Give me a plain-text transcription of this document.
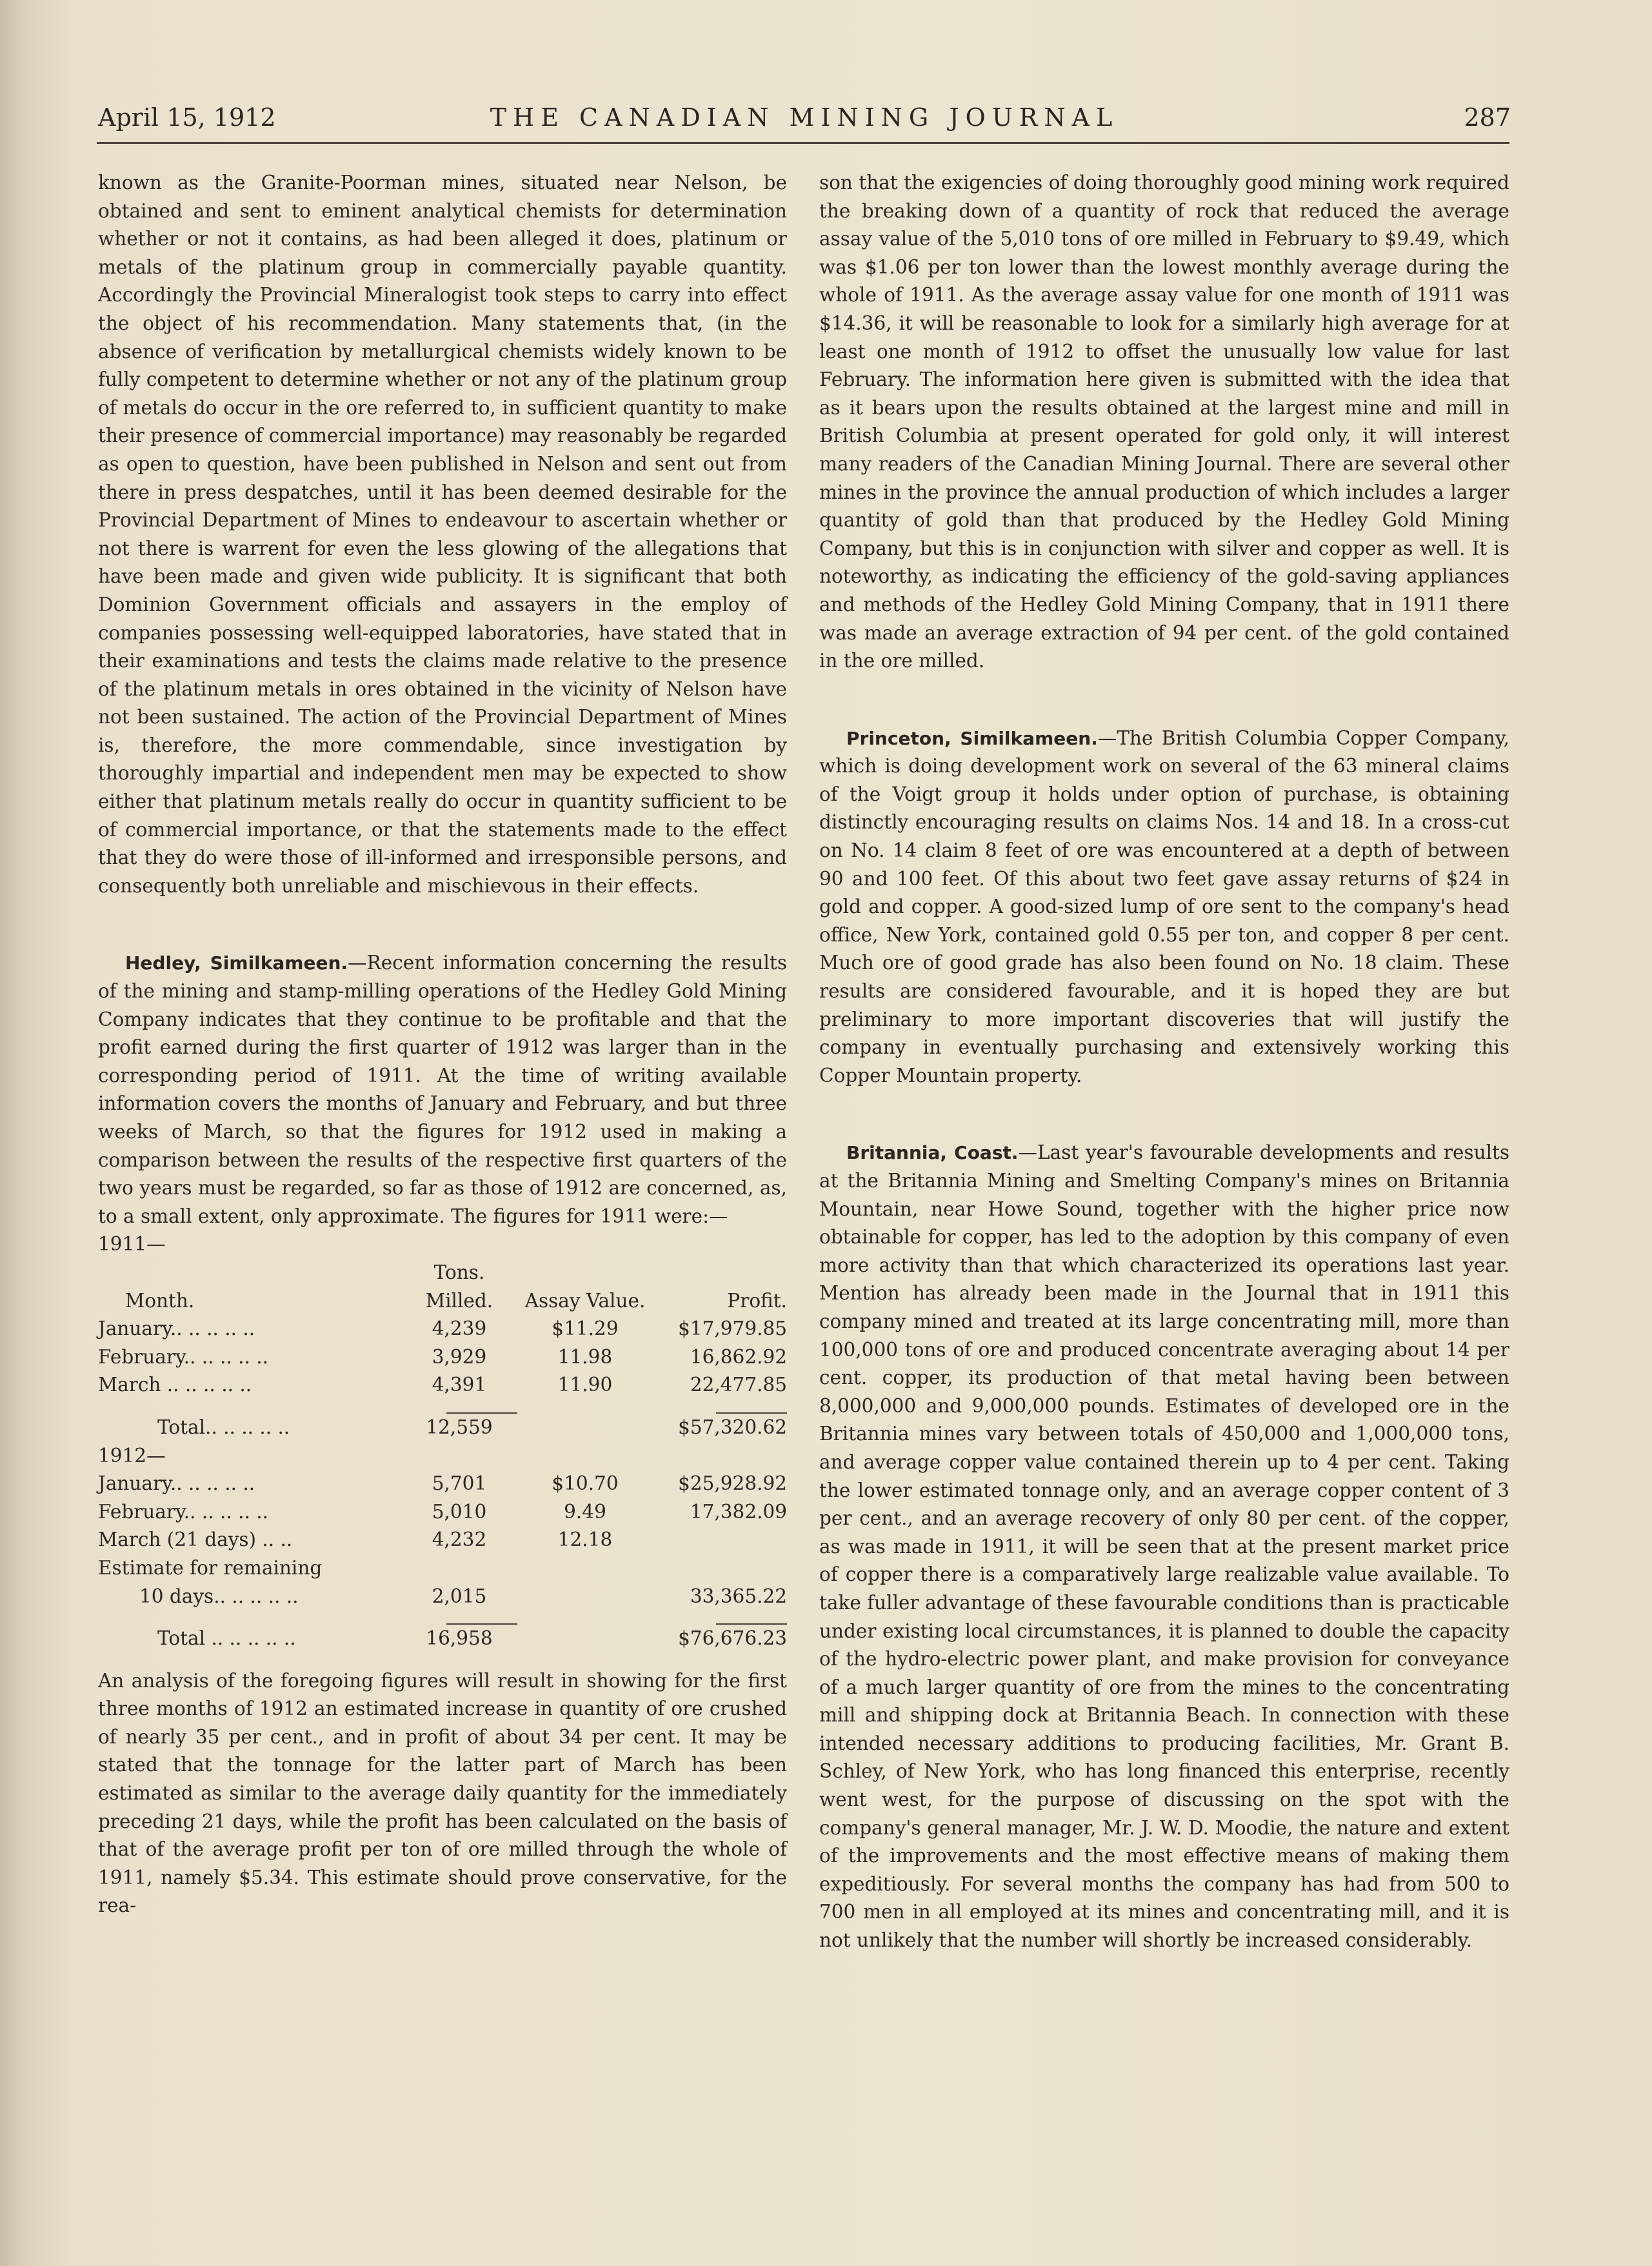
April 15, 1912	THE CANADIAN MINING JOURNAL	287

known as the Granite-Poorman mines, situated near Nelson, be obtained and sent to eminent analytical chemists for determination whether or not it contains, as had been alleged it does, platinum or metals of the platinum group in commercially payable quantity. Accordingly the Provincial Mineralogist took steps to carry into effect the object of his recommendation. Many statements that, (in the absence of verification by metallurgical chemists widely known to be fully competent to determine whether or not any of the platinum group of metals do occur in the ore referred to, in sufficient quantity to make their presence of commercial importance) may reasonably be regarded as open to question, have been published in Nelson and sent out from there in press despatches, until it has been deemed desirable for the Provincial Department of Mines to endeavour to ascertain whether or not there is warrent for even the less glowing of the allegations that have been made and given wide publicity. It is significant that both Dominion Government officials and assayers in the employ of companies possessing well-equipped laboratories, have stated that in their examinations and tests the claims made relative to the presence of the platinum metals in ores obtained in the vicinity of Nelson have not been sustained. The action of the Provincial Department of Mines is, therefore, the more commendable, since investigation by thoroughly impartial and independent men may be expected to show either that platinum metals really do occur in quantity sufficient to be of commercial importance, or that the statements made to the effect that they do were those of ill-informed and irresponsible persons, and consequently both unreliable and mischievous in their effects.

Hedley, Similkameen.—Recent information concerning the results of the mining and stamp-milling operations of the Hedley Gold Mining Company indicates that they continue to be profitable and that the profit earned during the first quarter of 1912 was larger than in the corresponding period of 1911. At the time of writing available information covers the months of January and February, and but three weeks of March, so that the figures for 1912 used in making a comparison between the results of the respective first quarters of the two years must be regarded, so far as those of 1912 are concerned, as, to a small extent, only approximate. The figures for 1911 were:—

1911—			
	Tons.		
Month.	Milled.	Assay Value.	Profit.
January.. .. .. .. ..	4,239	$11.29	$17,979.85
February.. .. .. .. ..	3,929	11.98	16,862.92
March .. .. .. .. ..	4,391	11.90	22,477.85

Total.. .. .. .. ..	12,559		$57,320.62
1912—			
January.. .. .. .. ..	5,701	$10.70	$25,928.92
February.. .. .. .. ..	5,010	9.49	17,382.09
March (21 days) .. ..	4,232	12.18	
Estimate for remaining			
10 days.. .. .. .. ..	2,015		33,365.22

Total .. .. .. .. ..	16,958		$76,676.23

An analysis of the foregoing figures will result in showing for the first three months of 1912 an estimated increase in quantity of ore crushed of nearly 35 per cent., and in profit of about 34 per cent. It may be stated that the tonnage for the latter part of March has been estimated as similar to the average daily quantity for the immediately preceding 21 days, while the profit has been calculated on the basis of that of the average profit per ton of ore milled through the whole of 1911, namely $5.34. This estimate should prove conservative, for the rea-

son that the exigencies of doing thoroughly good mining work required the breaking down of a quantity of rock that reduced the average assay value of the 5,010 tons of ore milled in February to $9.49, which was $1.06 per ton lower than the lowest monthly average during the whole of 1911. As the average assay value for one month of 1911 was $14.36, it will be reasonable to look for a similarly high average for at least one month of 1912 to offset the unusually low value for last February. The information here given is submitted with the idea that as it bears upon the results obtained at the largest mine and mill in British Columbia at present operated for gold only, it will interest many readers of the Canadian Mining Journal. There are several other mines in the province the annual production of which includes a larger quantity of gold than that produced by the Hedley Gold Mining Company, but this is in conjunction with silver and copper as well. It is noteworthy, as indicating the efficiency of the gold-saving appliances and methods of the Hedley Gold Mining Company, that in 1911 there was made an average extraction of 94 per cent. of the gold contained in the ore milled.

Princeton, Similkameen.—The British Columbia Copper Company, which is doing development work on several of the 63 mineral claims of the Voigt group it holds under option of purchase, is obtaining distinctly encouraging results on claims Nos. 14 and 18. In a cross-cut on No. 14 claim 8 feet of ore was encountered at a depth of between 90 and 100 feet. Of this about two feet gave assay returns of $24 in gold and copper. A good-sized lump of ore sent to the company's head office, New York, contained gold 0.55 per ton, and copper 8 per cent. Much ore of good grade has also been found on No. 18 claim. These results are considered favourable, and it is hoped they are but preliminary to more important discoveries that will justify the company in eventually purchasing and extensively working this Copper Mountain property.

Britannia, Coast.—Last year's favourable developments and results at the Britannia Mining and Smelting Company's mines on Britannia Mountain, near Howe Sound, together with the higher price now obtainable for copper, has led to the adoption by this company of even more activity than that which characterized its operations last year. Mention has already been made in the Journal that in 1911 this company mined and treated at its large concentrating mill, more than 100,000 tons of ore and produced concentrate averaging about 14 per cent. copper, its production of that metal having been between 8,000,000 and 9,000,000 pounds. Estimates of developed ore in the Britannia mines vary between totals of 450,000 and 1,000,000 tons, and average copper value contained therein up to 4 per cent. Taking the lower estimated tonnage only, and an average copper content of 3 per cent., and an average recovery of only 80 per cent. of the copper, as was made in 1911, it will be seen that at the present market price of copper there is a comparatively large realizable value available. To take fuller advantage of these favourable conditions than is practicable under existing local circumstances, it is planned to double the capacity of the hydro-electric power plant, and make provision for conveyance of a much larger quantity of ore from the mines to the concentrating mill and shipping dock at Britannia Beach. In connection with these intended necessary additions to producing facilities, Mr. Grant B. Schley, of New York, who has long financed this enterprise, recently went west, for the purpose of discussing on the spot with the company's general manager, Mr. J. W. D. Moodie, the nature and extent of the improvements and the most effective means of making them expeditiously. For several months the company has had from 500 to 700 men in all employed at its mines and concentrating mill, and it is not unlikely that the number will shortly be increased considerably.
